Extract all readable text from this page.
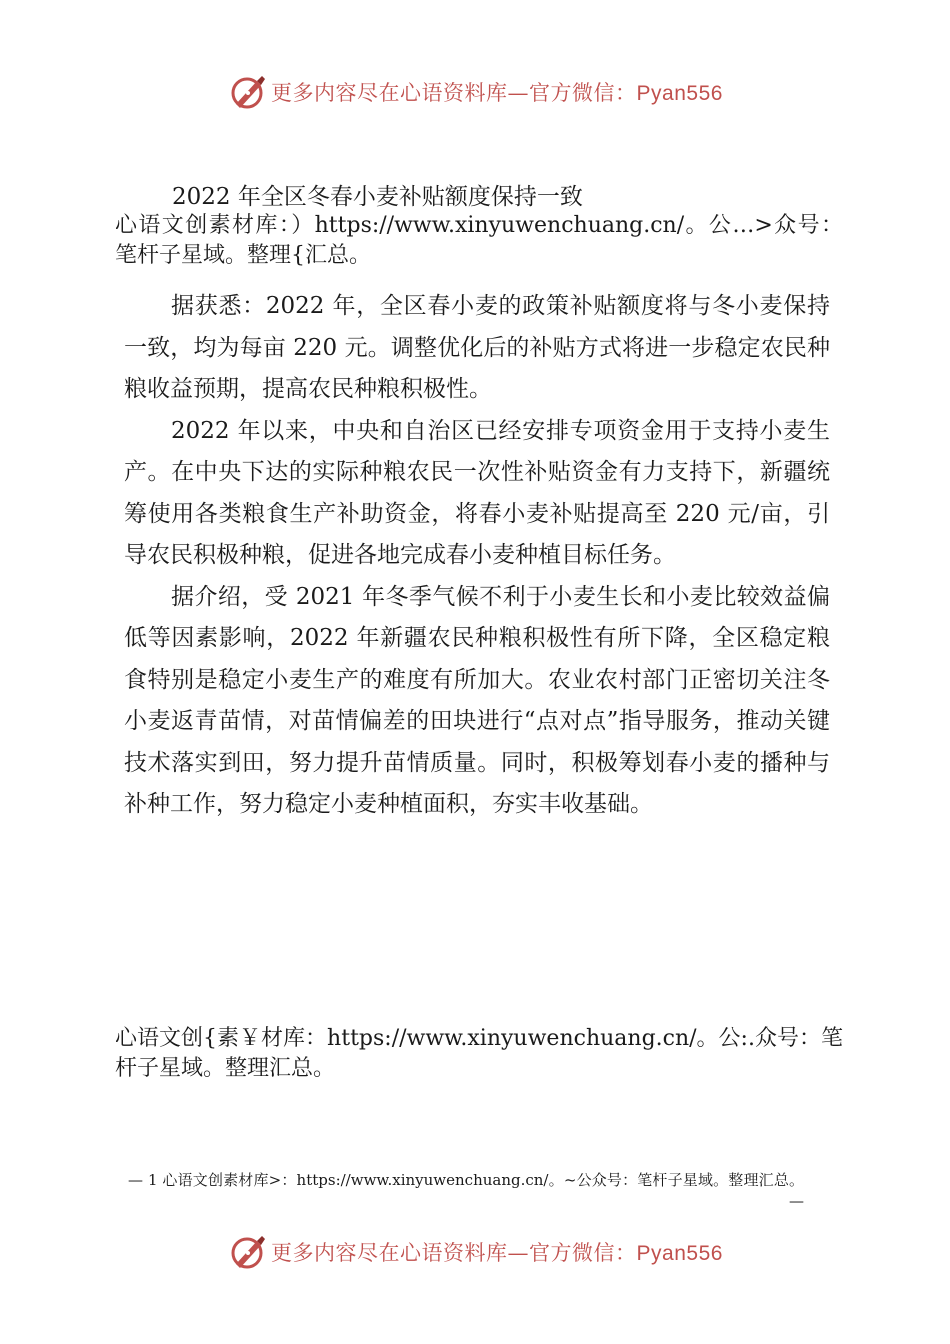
更多内容尽在心语资料库—官方微信：Pyan556
2022 年全区冬春小麦补贴额度保持一致
心语文创素材库：）https://www.xinyuwenchuang.cn/。公…>众号：笔杆子星域。整理{汇总。

据获悉：2022 年，全区春小麦的政策补贴额度将与冬小麦保持一致，均为每亩 220 元。调整优化后的补贴方式将进一步稳定农民种粮收益预期，提高农民种粮积极性。

2022 年以来，中央和自治区已经安排专项资金用于支持小麦生产。在中央下达的实际种粮农民一次性补贴资金有力支持下，新疆统筹使用各类粮食生产补助资金，将春小麦补贴提高至 220 元/亩，引导农民积极种粮，促进各地完成春小麦种植目标任务。

据介绍，受 2021 年冬季气候不利于小麦生长和小麦比较效益偏低等因素影响，2022 年新疆农民种粮积极性有所下降，全区稳定粮食特别是稳定小麦生产的难度有所加大。农业农村部门正密切关注冬小麦返青苗情，对苗情偏差的田块进行“点对点”指导服务，推动关键技术落实到田，努力提升苗情质量。同时，积极筹划春小麦的播种与补种工作，努力稳定小麦种植面积，夯实丰收基础。

心语文创{素￥材库：https://www.xinyuwenchuang.cn/。公:.众号：笔杆子星域。整理汇总。
— 1 心语文创素材库>：https://www.xinyuwenchuang.cn/。~公众号：笔杆子星域。整理汇总。—
更多内容尽在心语资料库—官方微信：Pyan556
